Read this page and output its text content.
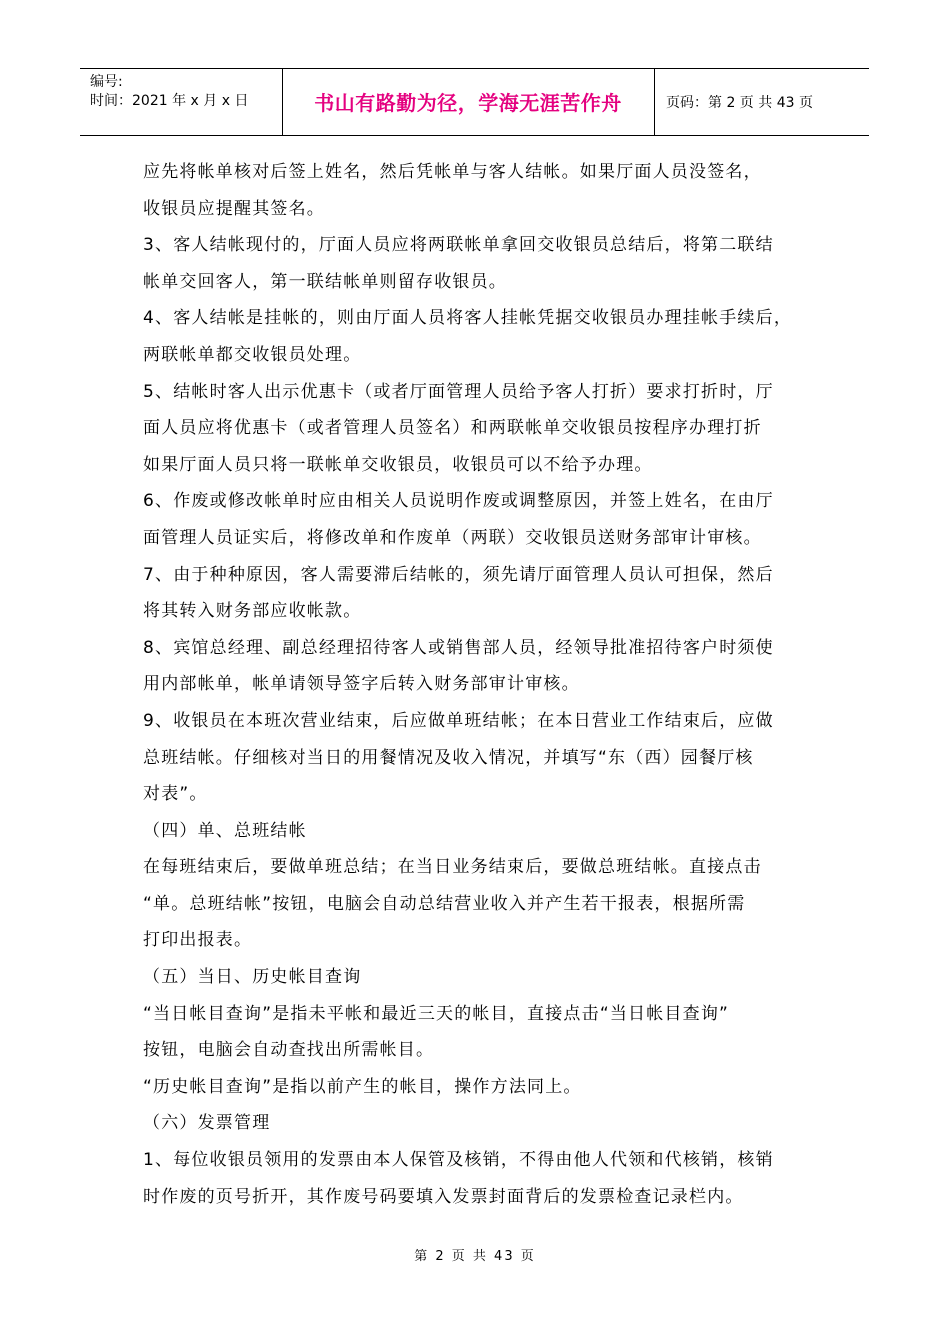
编号:
时间：2021 年 x 月 x 日	书山有路勤为径，学海无涯苦作舟	页码：第 2 页 共 43 页

应先将帐单核对后签上姓名，然后凭帐单与客人结帐。如果厅面人员没签名，

收银员应提醒其签名。

3、客人结帐现付的，厅面人员应将两联帐单拿回交收银员总结后，将第二联结

帐单交回客人，第一联结帐单则留存收银员。

4、客人结帐是挂帐的，则由厅面人员将客人挂帐凭据交收银员办理挂帐手续后，

两联帐单都交收银员处理。

5、结帐时客人出示优惠卡（或者厅面管理人员给予客人打折）要求打折时，厅

面人员应将优惠卡（或者管理人员签名）和两联帐单交收银员按程序办理打折

如果厅面人员只将一联帐单交收银员，收银员可以不给予办理。

6、作废或修改帐单时应由相关人员说明作废或调整原因，并签上姓名，在由厅

面管理人员证实后，将修改单和作废单（两联）交收银员送财务部审计审核。

7、由于种种原因，客人需要滞后结帐的，须先请厅面管理人员认可担保，然后

将其转入财务部应收帐款。

8、宾馆总经理、副总经理招待客人或销售部人员，经领导批准招待客户时须使

用内部帐单，帐单请领导签字后转入财务部审计审核。

9、收银员在本班次营业结束，后应做单班结帐；在本日营业工作结束后，应做

总班结帐。仔细核对当日的用餐情况及收入情况，并填写“东（西）园餐厅核

对表”。

（四）单、总班结帐

在每班结束后，要做单班总结；在当日业务结束后，要做总班结帐。直接点击

“单。总班结帐”按钮，电脑会自动总结营业收入并产生若干报表，根据所需

打印出报表。

（五）当日、历史帐目查询

“当日帐目查询”是指未平帐和最近三天的帐目，直接点击“当日帐目查询”

按钮，电脑会自动查找出所需帐目。

“历史帐目查询”是指以前产生的帐目，操作方法同上。

（六）发票管理

1、每位收银员领用的发票由本人保管及核销，不得由他人代领和代核销，核销

时作废的页号折开，其作废号码要填入发票封面背后的发票检查记录栏内。

第 2 页 共 43 页
